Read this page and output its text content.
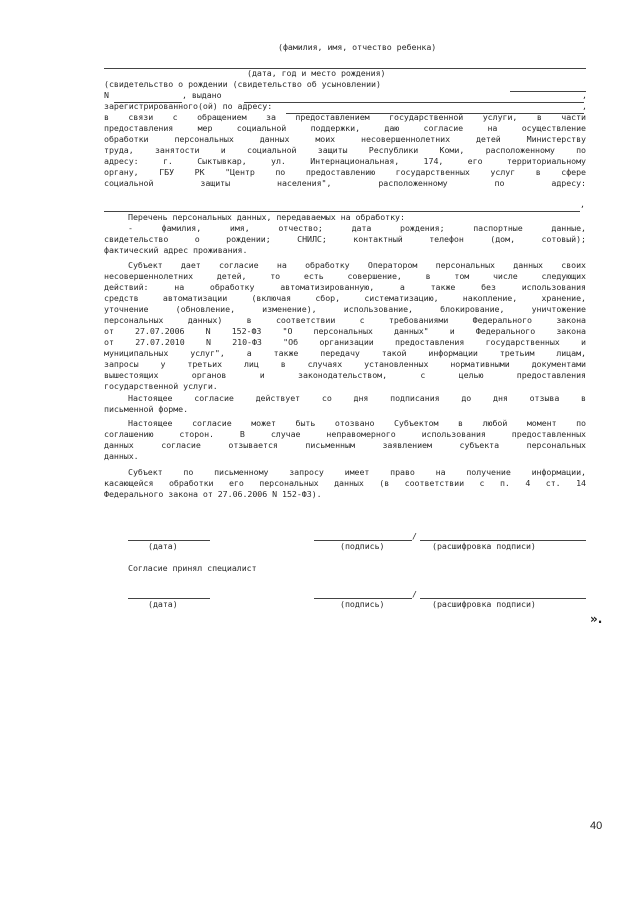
(фамилия, имя, отчество ребенка)
(дата, год и место рождения)
(свидетельство о рождении (свидетельство об усыновлении)
N	, выдано	,
зарегистрированного(ой) по адресу:	,
в связи с обращением за предоставлением государственной услуги, в части
предоставления мер социальной поддержки, даю согласие на осуществление
обработки персональных данных моих несовершеннолетних детей Министерству
труда, занятости и социальной защиты Республики Коми, расположенному по
адресу: г. Сыктывкар, ул. Интернациональная, 174, его территориальному
органу, ГБУ РК "Центр по предоставлению государственных услуг в сфере
социальной защиты населения", расположенному по адресу:
,
Перечень персональных данных, передаваемых на обработку:
- фамилия, имя, отчество; дата рождения; паспортные данные,
свидетельство о рождении; СНИЛС; контактный телефон (дом, сотовый);
фактический адрес проживания.
Субъект дает согласие на обработку Оператором персональных данных своих
несовершеннолетних детей, то есть совершение, в том числе следующих
действий: на обработку автоматизированную, а также без использования
средств автоматизации (включая сбор, систематизацию, накопление, хранение,
уточнение (обновление, изменение), использование, блокирование, уничтожение
персональных данных) в соответствии с требованиями Федерального закона
от 27.07.2006 N 152-ФЗ "О персональных данных" и Федерального закона
от 27.07.2010 N 210-ФЗ "Об организации предоставления государственных и
муниципальных услуг", а также передачу такой информации третьим лицам,
запросы у третьих лиц в случаях установленных нормативными документами
вышестоящих органов и законодательством, с целью предоставления
государственной услуги.
Настоящее согласие действует со дня подписания до дня отзыва в
письменной форме.
Настоящее согласие может быть отозвано Субъектом в любой момент по
соглашению сторон. В случае неправомерного использования предоставленных
данных согласие отзывается письменным заявлением субъекта персональных
данных.
Субъект по письменному запросу имеет право на получение информации,
касающейся обработки его персональных данных (в соответствии с п. 4 ст. 14
Федерального закона от 27.06.2006 N 152-ФЗ).
/
(дата)	(подпись)	(расшифровка подписи)
Согласие принял специалист
/
(дата)	(подпись)	(расшифровка подписи)
».
40
